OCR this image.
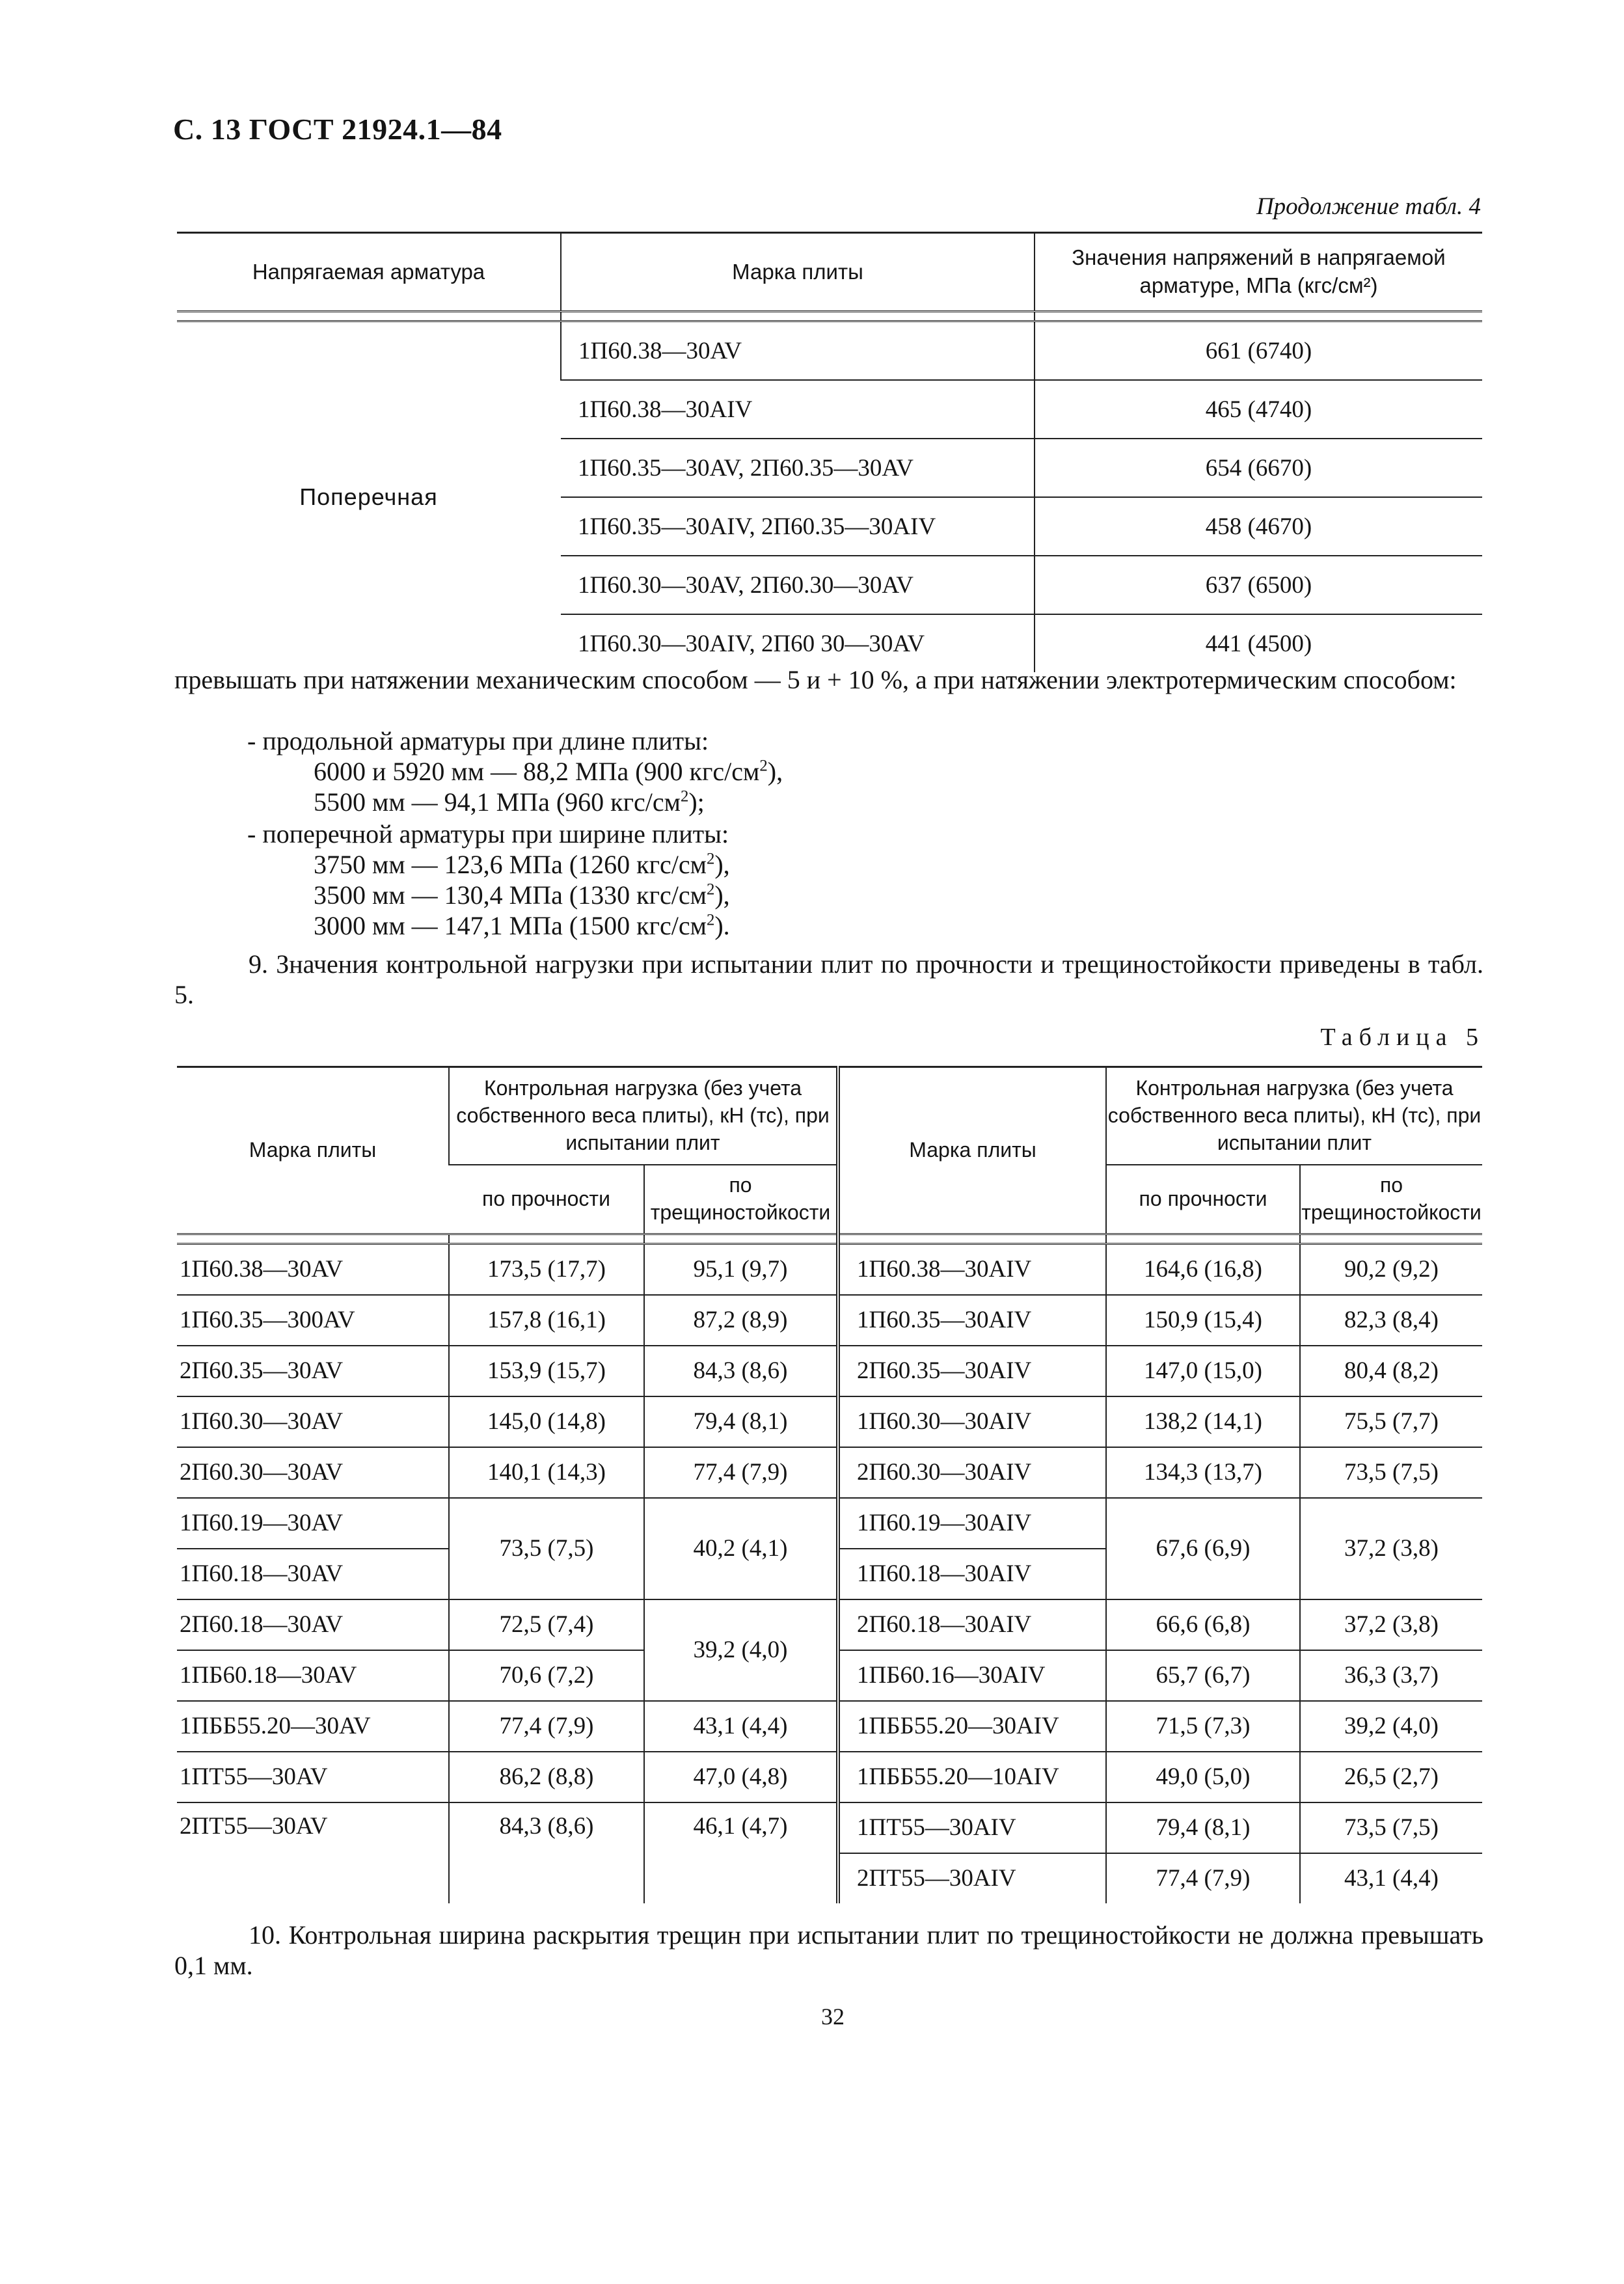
С. 13 ГОСТ 21924.1—84
Продолжение табл. 4
Напрягаемая арматура	Марка плиты	Значения напряжений в напрягаемой арматуре, МПа (кгс/см²)

Поперечная	1П60.38—30AV	661 (6740)
	1П60.38—30AIV	465 (4740)
	1П60.35—30AV, 2П60.35—30AV	654 (6670)
	1П60.35—30AIV, 2П60.35—30AIV	458 (4670)
	1П60.30—30AV, 2П60.30—30AV	637 (6500)
	1П60.30—30AIV, 2П60 30—30AV	441 (4500)
превышать при натяжении механическим способом — 5 и + 10 %, а при натяжении электротермическим способом:
- продольной арматуры при длине плиты:
6000 и 5920 мм — 88,2 МПа (900 кгс/$см^2$),
5500 мм — 94,1 МПа (960 кгс/$см^2$);
- поперечной арматуры при ширине плиты:
3750 мм — 123,6 МПа (1260 кгс/$см^2$),
3500 мм — 130,4 МПа (1330 кгс/$см^2$),
3000 мм — 147,1 МПа (1500 кгс/$см^2$).
9. Значения контрольной нагрузки при испытании плит по прочности и трещиностойкости приведены в табл. 5.
Таблица 5
Марка плиты	Контрольная нагрузка (без учета собственного веса плиты), кН (тс), при испытании плит		Марка плиты	Контрольная нагрузка (без учета собственного веса плиты), кН (тс), при испытании плит	
	по прочности	по трещиностойкости		по прочности	по трещиностойкости

1П60.38—30AV	173,5 (17,7)	95,1 (9,7)	1П60.38—30AIV	164,6 (16,8)	90,2 (9,2)
1П60.35—300AV	157,8 (16,1)	87,2 (8,9)	1П60.35—30AIV	150,9 (15,4)	82,3 (8,4)
2П60.35—30AV	153,9 (15,7)	84,3 (8,6)	2П60.35—30AIV	147,0 (15,0)	80,4 (8,2)
1П60.30—30AV	145,0 (14,8)	79,4 (8,1)	1П60.30—30AIV	138,2 (14,1)	75,5 (7,7)
2П60.30—30AV	140,1 (14,3)	77,4 (7,9)	2П60.30—30AIV	134,3 (13,7)	73,5 (7,5)
1П60.19—30AV	73,5 (7,5)	40,2 (4,1)	1П60.19—30AIV	67,6 (6,9)	37,2 (3,8)
1П60.18—30AV			1П60.18—30AIV		
2П60.18—30AV	72,5 (7,4)	39,2 (4,0)	2П60.18—30AIV	66,6 (6,8)	37,2 (3,8)
1ПБ60.18—30AV	70,6 (7,2)		1ПБ60.16—30AIV	65,7 (6,7)	36,3 (3,7)
1ПББ55.20—30AV	77,4 (7,9)	43,1 (4,4)	1ПББ55.20—30AIV	71,5 (7,3)	39,2 (4,0)
1ПТ55—30AV	86,2 (8,8)	47,0 (4,8)	1ПББ55.20—10AIV	49,0 (5,0)	26,5 (2,7)
2ПТ55—30AV	84,3 (8,6)	46,1 (4,7)	1ПТ55—30AIV	79,4 (8,1)	73,5 (7,5)
			2ПТ55—30AIV	77,4 (7,9)	43,1 (4,4)
10. Контрольная ширина раскрытия трещин при испытании плит по трещиностойкости не должна превышать 0,1 мм.
32
